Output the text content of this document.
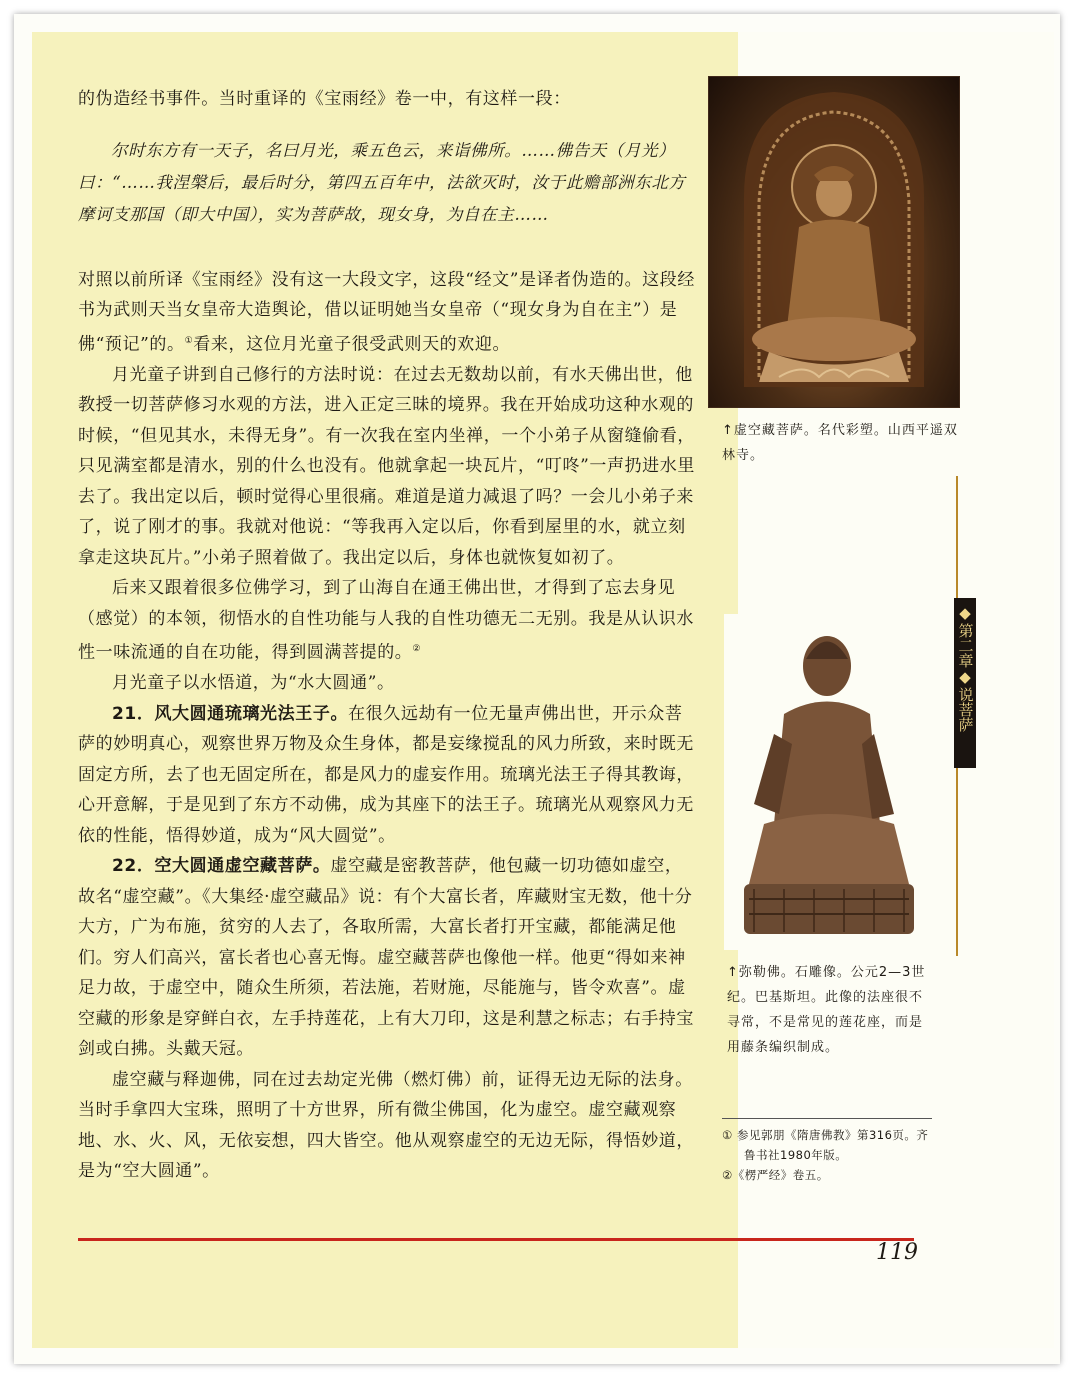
的伪造经书事件。当时重译的《宝雨经》卷一中，有这样一段：

尔时东方有一天子，名曰月光，乘五色云，来诣佛所。……佛告天（月光）曰：“……我涅槃后，最后时分，第四五百年中，法欲灭时，汝于此赡部洲东北方摩诃支那国（即大中国），实为菩萨故，现女身，为自在主……

对照以前所译《宝雨经》没有这一大段文字，这段“经文”是译者伪造的。这段经书为武则天当女皇帝大造舆论，借以证明她当女皇帝（“现女身为自在主”）是佛“预记”的。①看来，这位月光童子很受武则天的欢迎。

月光童子讲到自己修行的方法时说：在过去无数劫以前，有水天佛出世，他教授一切菩萨修习水观的方法，进入正定三昧的境界。我在开始成功这种水观的时候，“但见其水，未得无身”。有一次我在室内坐禅，一个小弟子从窗缝偷看，只见满室都是清水，别的什么也没有。他就拿起一块瓦片，“叮咚”一声扔进水里去了。我出定以后，顿时觉得心里很痛。难道是道力减退了吗？一会儿小弟子来了，说了刚才的事。我就对他说：“等我再入定以后，你看到屋里的水，就立刻拿走这块瓦片。”小弟子照着做了。我出定以后，身体也就恢复如初了。

后来又跟着很多位佛学习，到了山海自在通王佛出世，才得到了忘去身见（感觉）的本领，彻悟水的自性功能与人我的自性功德无二无别。我是从认识水性一味流通的自在功能，得到圆满菩提的。②

月光童子以水悟道，为“水大圆通”。

21．风大圆通琉璃光法王子。在很久远劫有一位无量声佛出世，开示众菩萨的妙明真心，观察世界万物及众生身体，都是妄缘搅乱的风力所致，来时既无固定方所，去了也无固定所在，都是风力的虚妄作用。琉璃光法王子得其教诲，心开意解，于是见到了东方不动佛，成为其座下的法王子。琉璃光从观察风力无依的性能，悟得妙道，成为“风大圆觉”。

22．空大圆通虚空藏菩萨。虚空藏是密教菩萨，他包藏一切功德如虚空，故名“虚空藏”。《大集经·虚空藏品》说：有个大富长者，库藏财宝无数，他十分大方，广为布施，贫穷的人去了，各取所需，大富长者打开宝藏，都能满足他们。穷人们高兴，富长者也心喜无悔。虚空藏菩萨也像他一样。他更“得如来神足力故，于虚空中，随众生所须，若法施，若财施，尽能施与，皆令欢喜”。虚空藏的形象是穿鲜白衣，左手持莲花，上有大刀印，这是利慧之标志；右手持宝剑或白拂。头戴天冠。

虚空藏与释迦佛，同在过去劫定光佛（燃灯佛）前，证得无边无际的法身。当时手拿四大宝珠，照明了十方世界，所有微尘佛国，化为虚空。虚空藏观察地、水、火、风，无依妄想，四大皆空。他从观察虚空的无边无际，得悟妙道，是为“空大圆通”。

↑虚空藏菩萨。名代彩塑。山西平遥双林寺。
↑弥勒佛。石雕像。公元2—3世纪。巴基斯坦。此像的法座很不寻常，不是常见的莲花座，而是用藤条编织制成。
◆
第二章
◆
说菩萨
① 参见郭朋《隋唐佛教》第316页。齐鲁书社1980年版。
②《楞严经》卷五。
119
